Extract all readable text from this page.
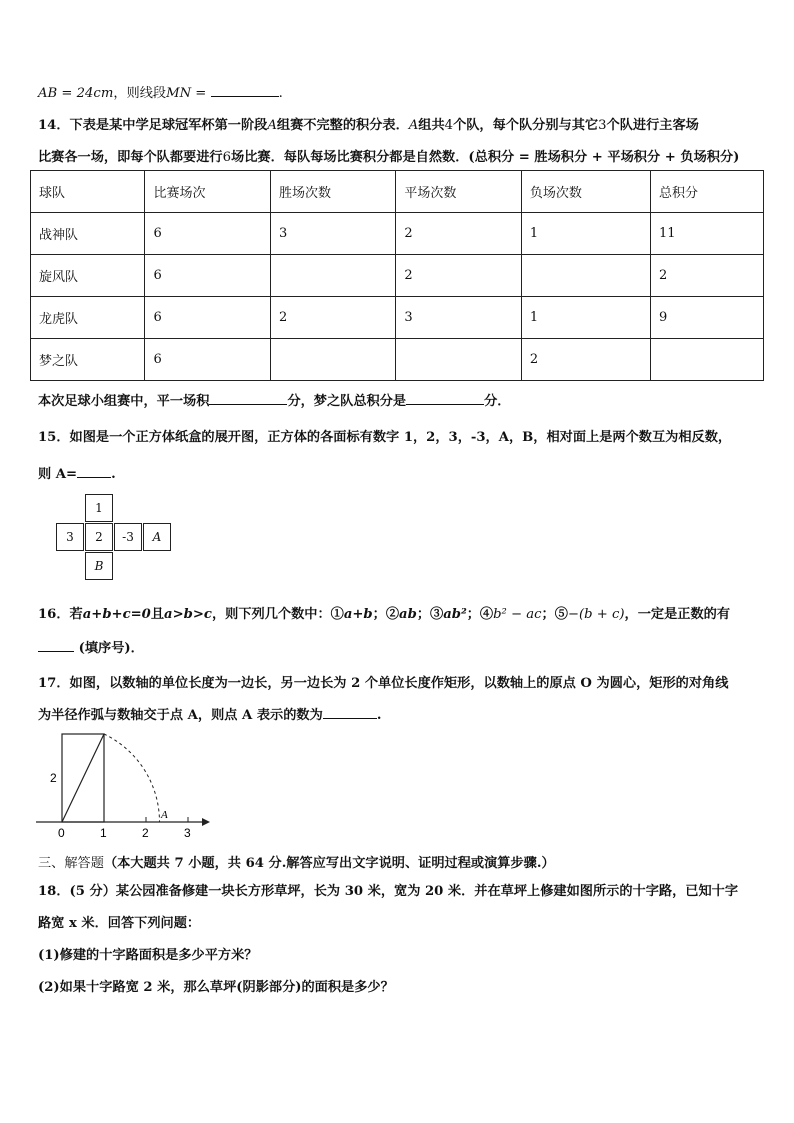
AB = 24cm，则线段MN =	.
14．下表是某中学足球冠军杯第一阶段A组赛不完整的积分表．A组共4个队，每个队分别与其它3个队进行主客场
比赛各一场，即每个队都要进行6场比赛．每队每场比赛积分都是自然数．(总积分 = 胜场积分 + 平场积分 + 负场积分)
球队	比赛场次	胜场次数	平场次数	负场次数	总积分
战神队	6	3	2	1	11
旋风队	6		2		2
龙虎队	6	2	3	1	9
梦之队	6			2	
本次足球小组赛中，平一场积	分，梦之队总积分是	分．
15．如图是一个正方体纸盒的展开图，正方体的各面标有数字 1，2，3，-3，A，B，相对面上是两个数互为相反数，
则 A=	.
1
3	2	-3	A
B
16．若a+b+c=0且a>b>c，则下列几个数中：①a+b；②ab；③ab²；④b² − ac；⑤−(b + c)，一定是正数的有
(填序号)．
17．如图，以数轴的单位长度为一边长，另一边长为 2 个单位长度作矩形，以数轴上的原点 O 为圆心，矩形的对角线
为半径作弧与数轴交于点 A，则点 A 表示的数为	.
2
A
0	1	2	3
三、解答题（本大题共 7 小题，共 64 分.解答应写出文字说明、证明过程或演算步骤.）
18．(5 分）某公园准备修建一块长方形草坪，长为 30 米，宽为 20 米．并在草坪上修建如图所示的十字路，已知十字
路宽 x 米．回答下列问题：
(1)修建的十字路面积是多少平方米？
(2)如果十字路宽 2 米，那么草坪(阴影部分)的面积是多少？
